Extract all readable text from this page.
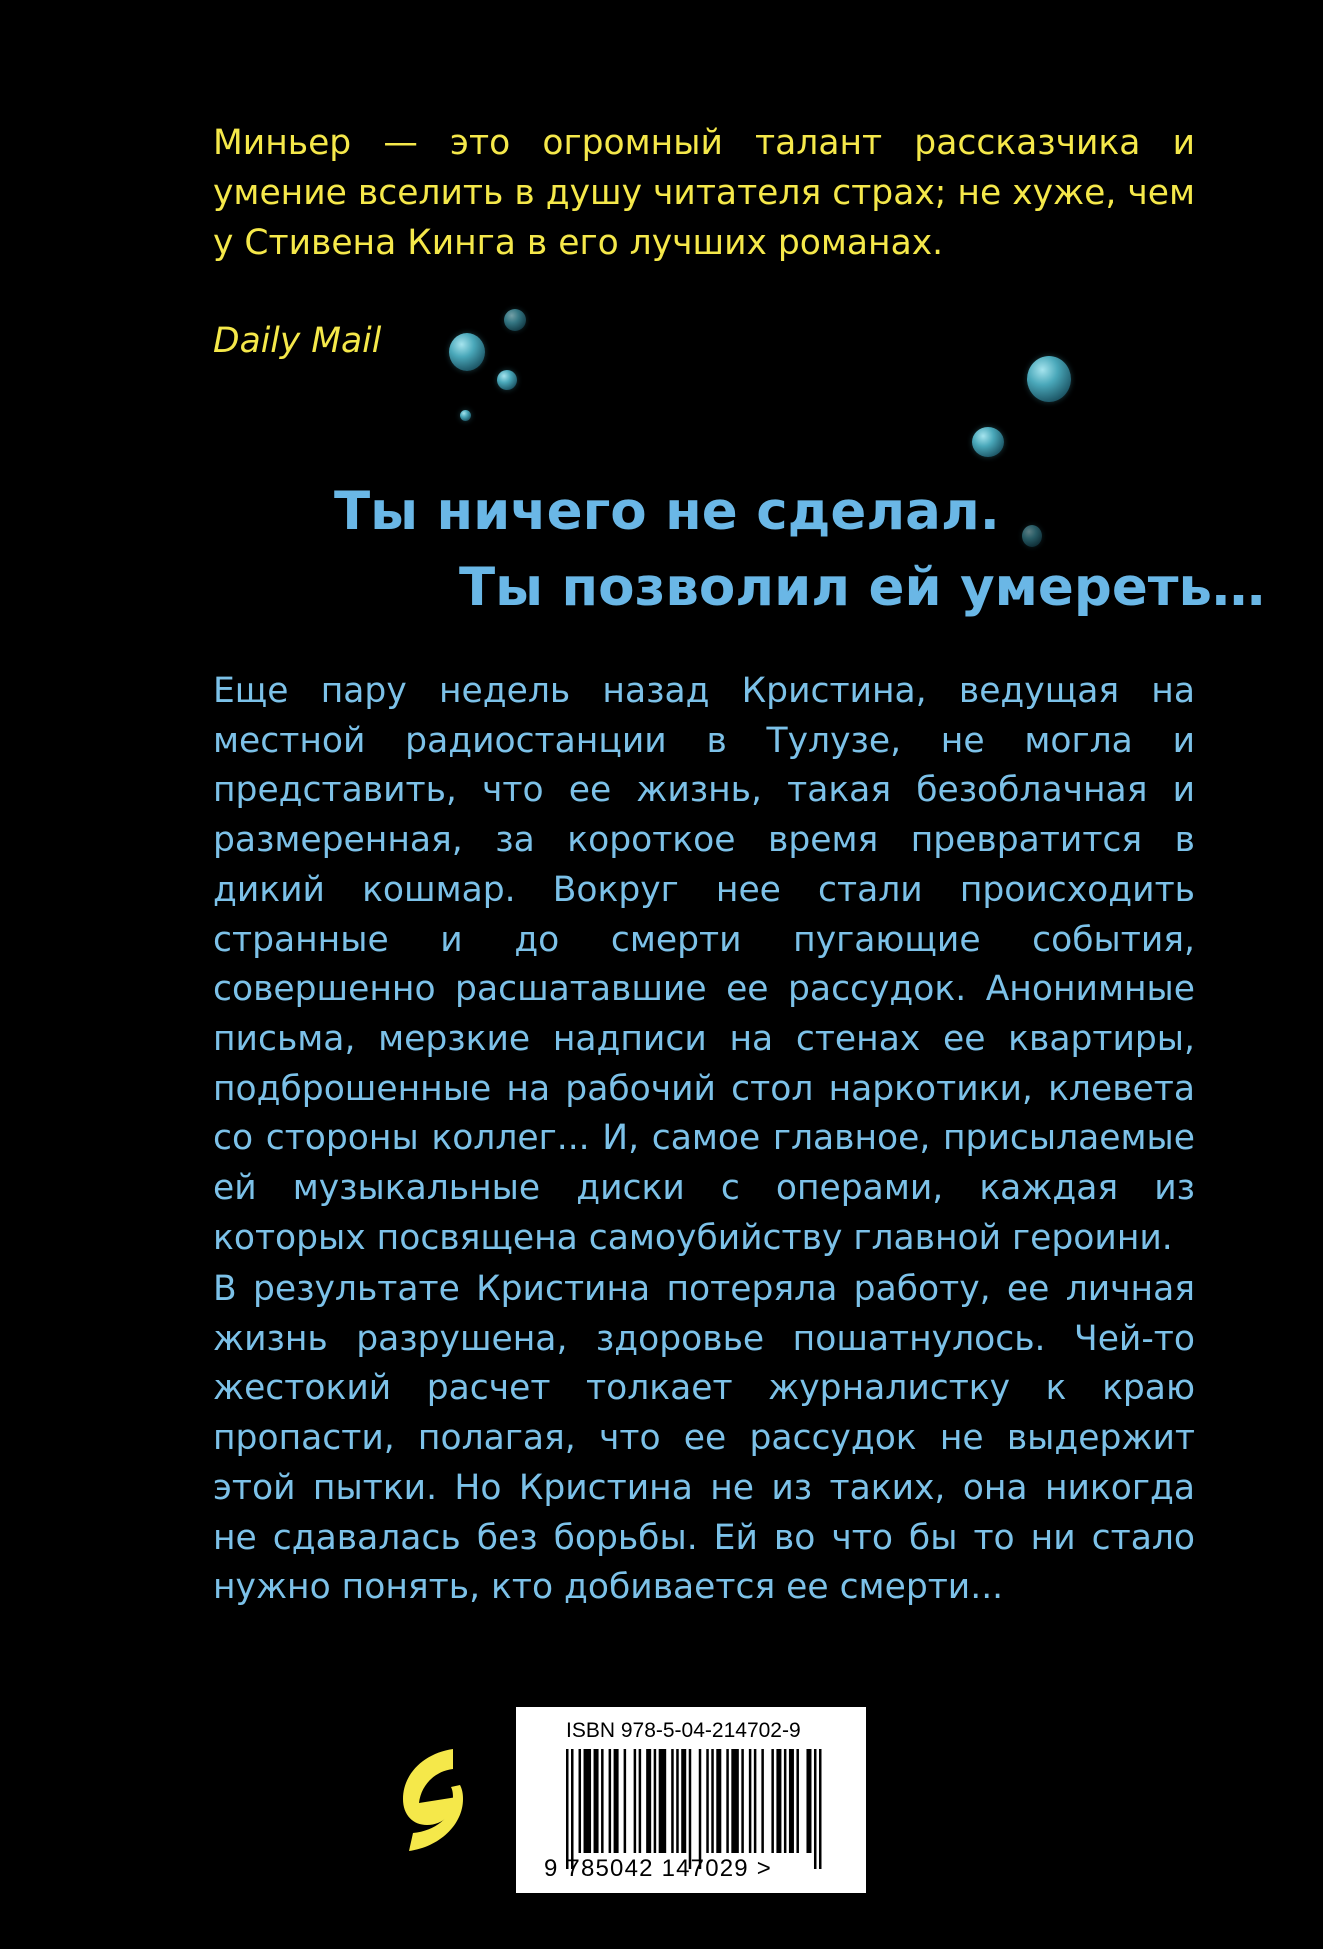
Миньер — это огромный талант рассказчика и умение вселить в душу читателя страх; не хуже, чем у Стивена Кинга в его лучших романах.

Daily Mail

Ты ничего не сделал.

Ты позволил ей умереть…

Еще пару недель назад Кристина, ведущая на местной радиостанции в Тулузе, не могла и представить, что ее жизнь, такая безоблачная и размеренная, за короткое время превратится в дикий кошмар. Вокруг нее стали происходить странные и до смерти пугающие события, совершенно расшатавшие ее рассудок. Анонимные письма, мерзкие надписи на стенах ее квартиры, подброшенные на рабочий стол наркотики, клевета со стороны коллег... И, самое главное, присылаемые ей музыкальные диски с операми, каждая из которых посвящена самоубийству главной героини.

В результате Кристина потеряла работу, ее личная жизнь разрушена, здоровье пошатнулось. Чей-то жестокий расчет толкает журналистку к краю пропасти, полагая, что ее рассудок не выдержит этой пытки. Но Кристина не из таких, она никогда не сдавалась без борьбы. Ей во что бы то ни стало нужно понять, кто добивается ее смерти...

ISBN 978-5-04-214702-9
9 785042 147029 >
